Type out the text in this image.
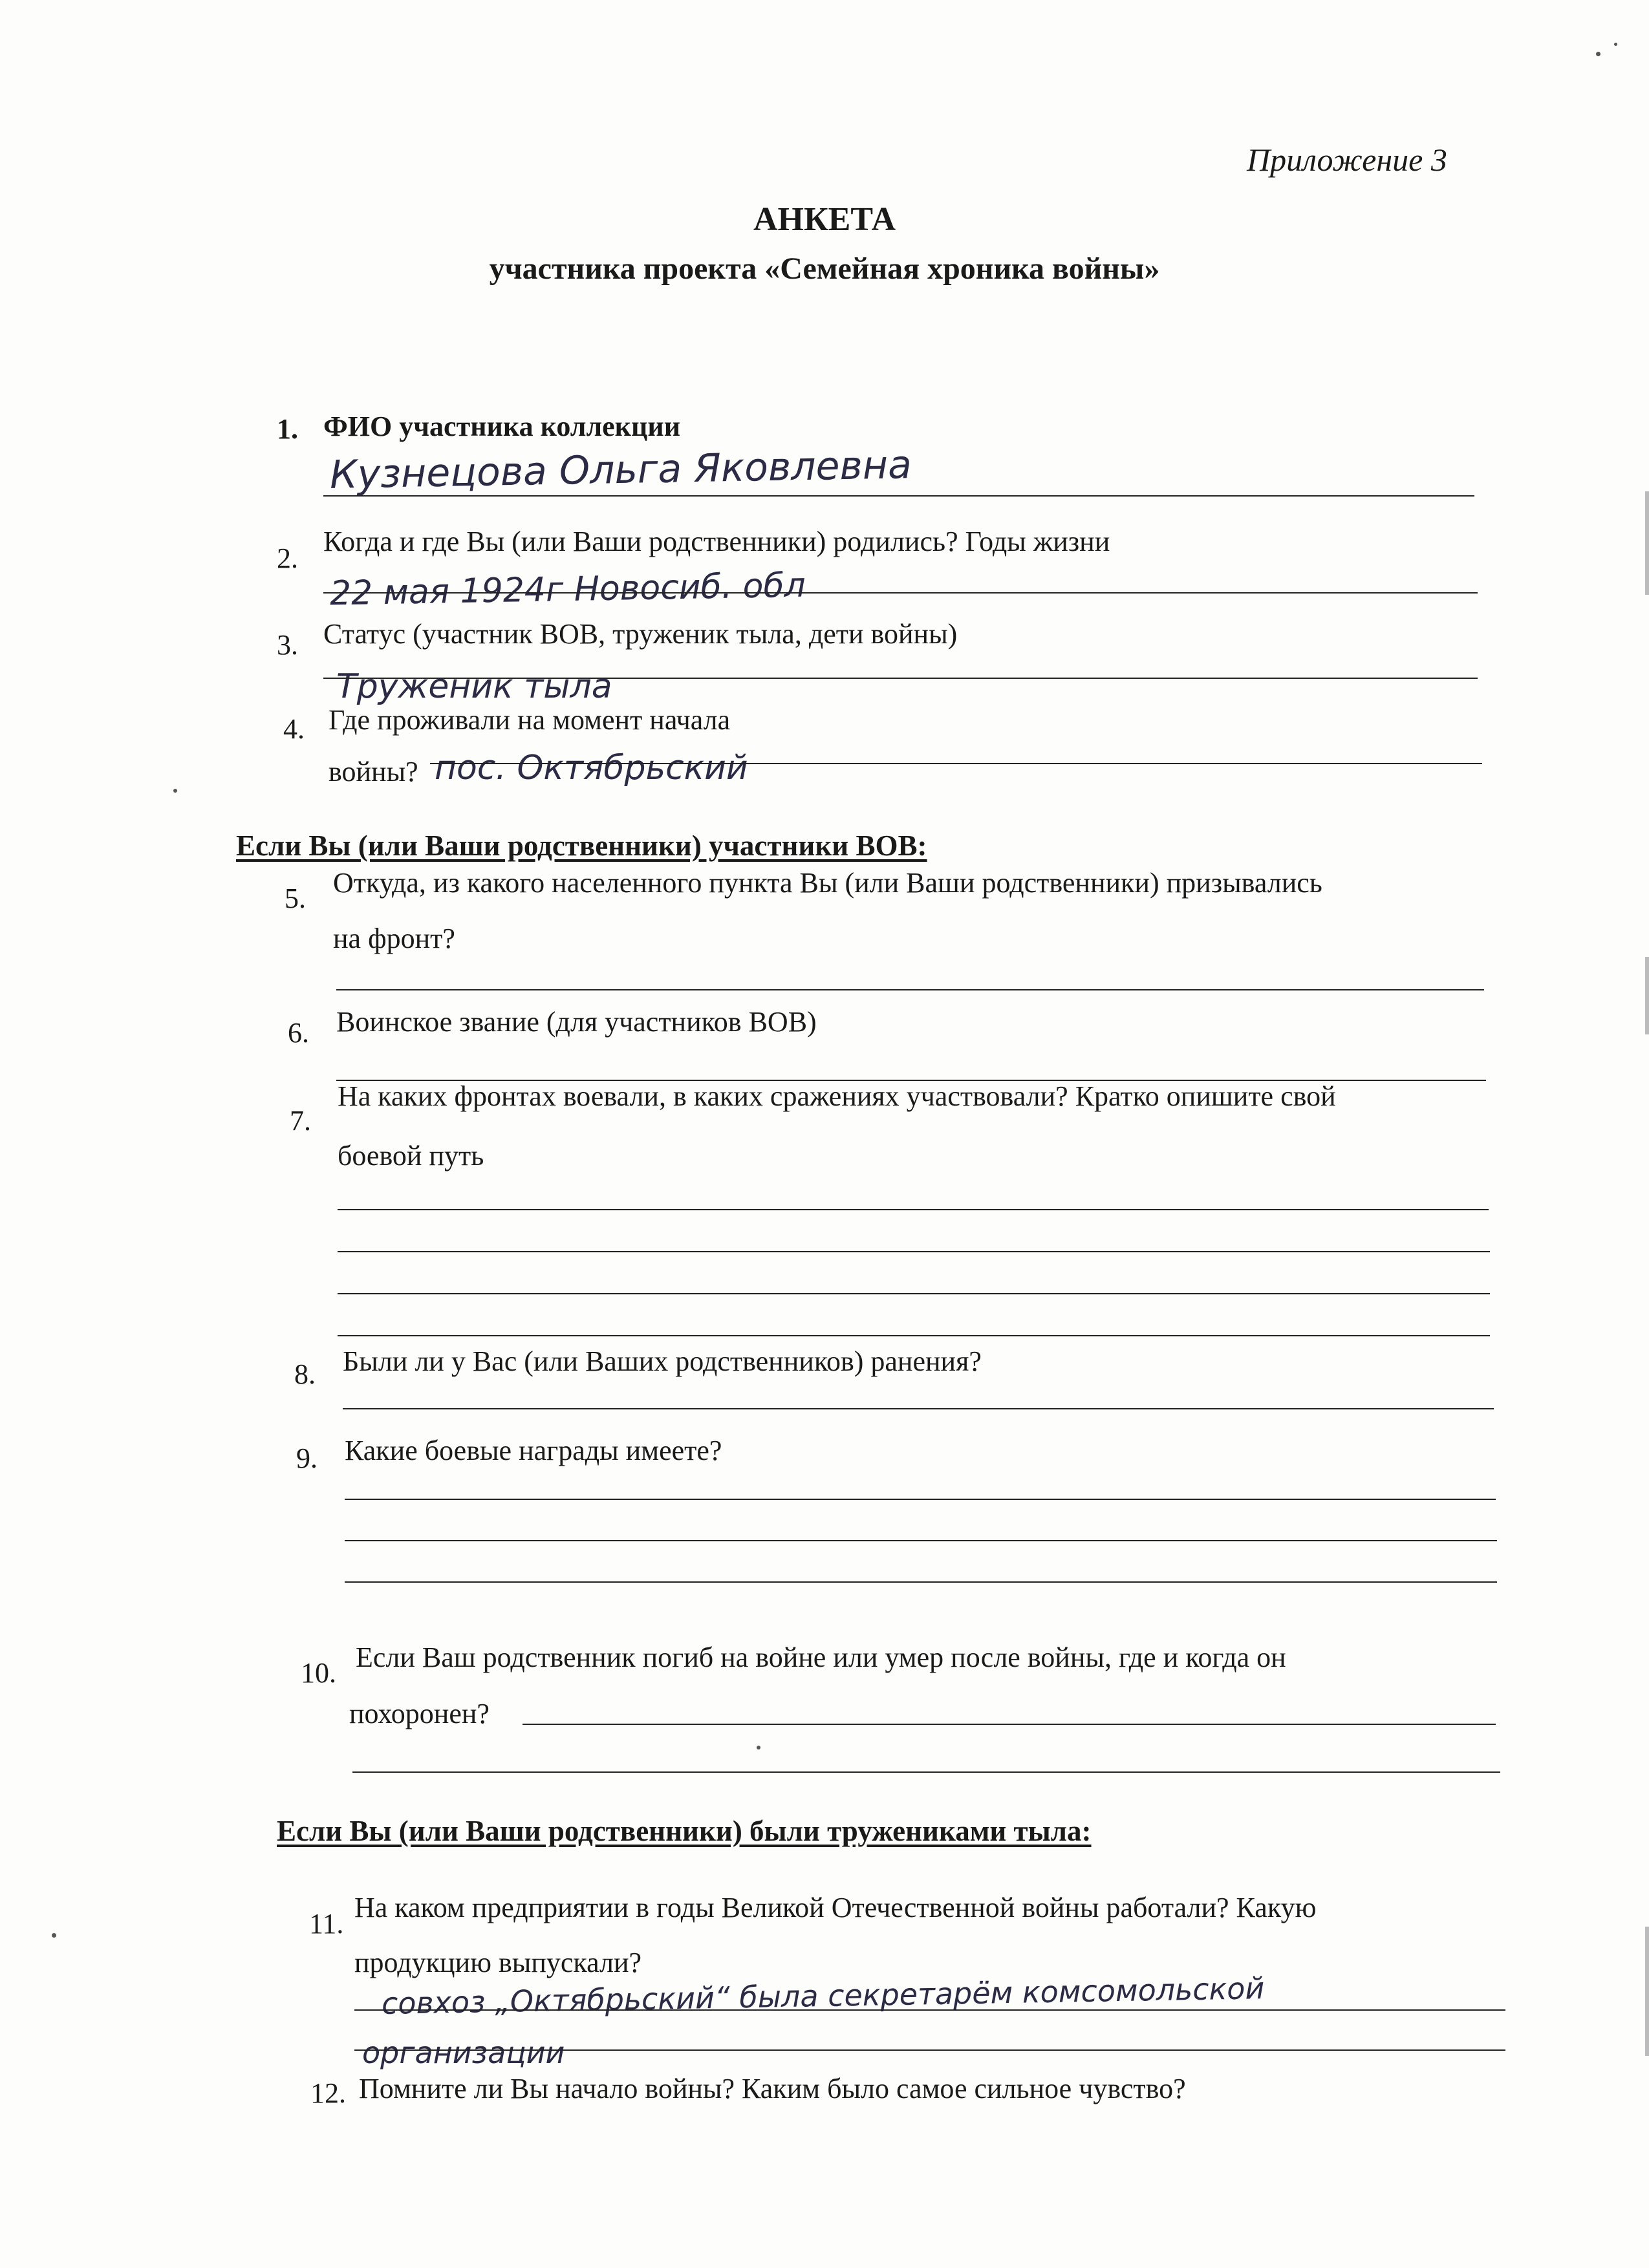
Приложение 3
АНКЕТА
участника проекта «Семейная хроника войны»
1. ФИО участника коллекции
Кузнецова Ольга Яковлевна
2.
Когда и где Вы (или Ваши родственники) родились? Годы жизни
22 мая 1924г Новосиб. обл
3. Статус (участник ВОВ, труженик тыла, дети войны)
Труженик тыла
4. Где проживали на момент начала
войны? пос. Октябрьский
Если Вы (или Ваши родственники) участники ВОВ:
5. Откуда, из какого населенного пункта Вы (или Ваши родственники) призывались
на фронт?
6. Воинское звание (для участников ВОВ)
7.
На каких фронтах воевали, в каких сражениях участвовали? Кратко опишите свой
боевой путь
8. Были ли у Вас (или Ваших родственников) ранения?
9. Какие боевые награды имеете?
10. Если Ваш родственник погиб на войне или умер после войны, где и когда он
похоронен?
Если Вы (или Ваши родственники) были тружениками тыла:
11.
На каком предприятии в годы Великой Отечественной войны работали? Какую
продукцию выпускали?
совхоз „Октябрьский“ была секретарём комсомольской
организации
12. Помните ли Вы начало войны? Каким было самое сильное чувство?
